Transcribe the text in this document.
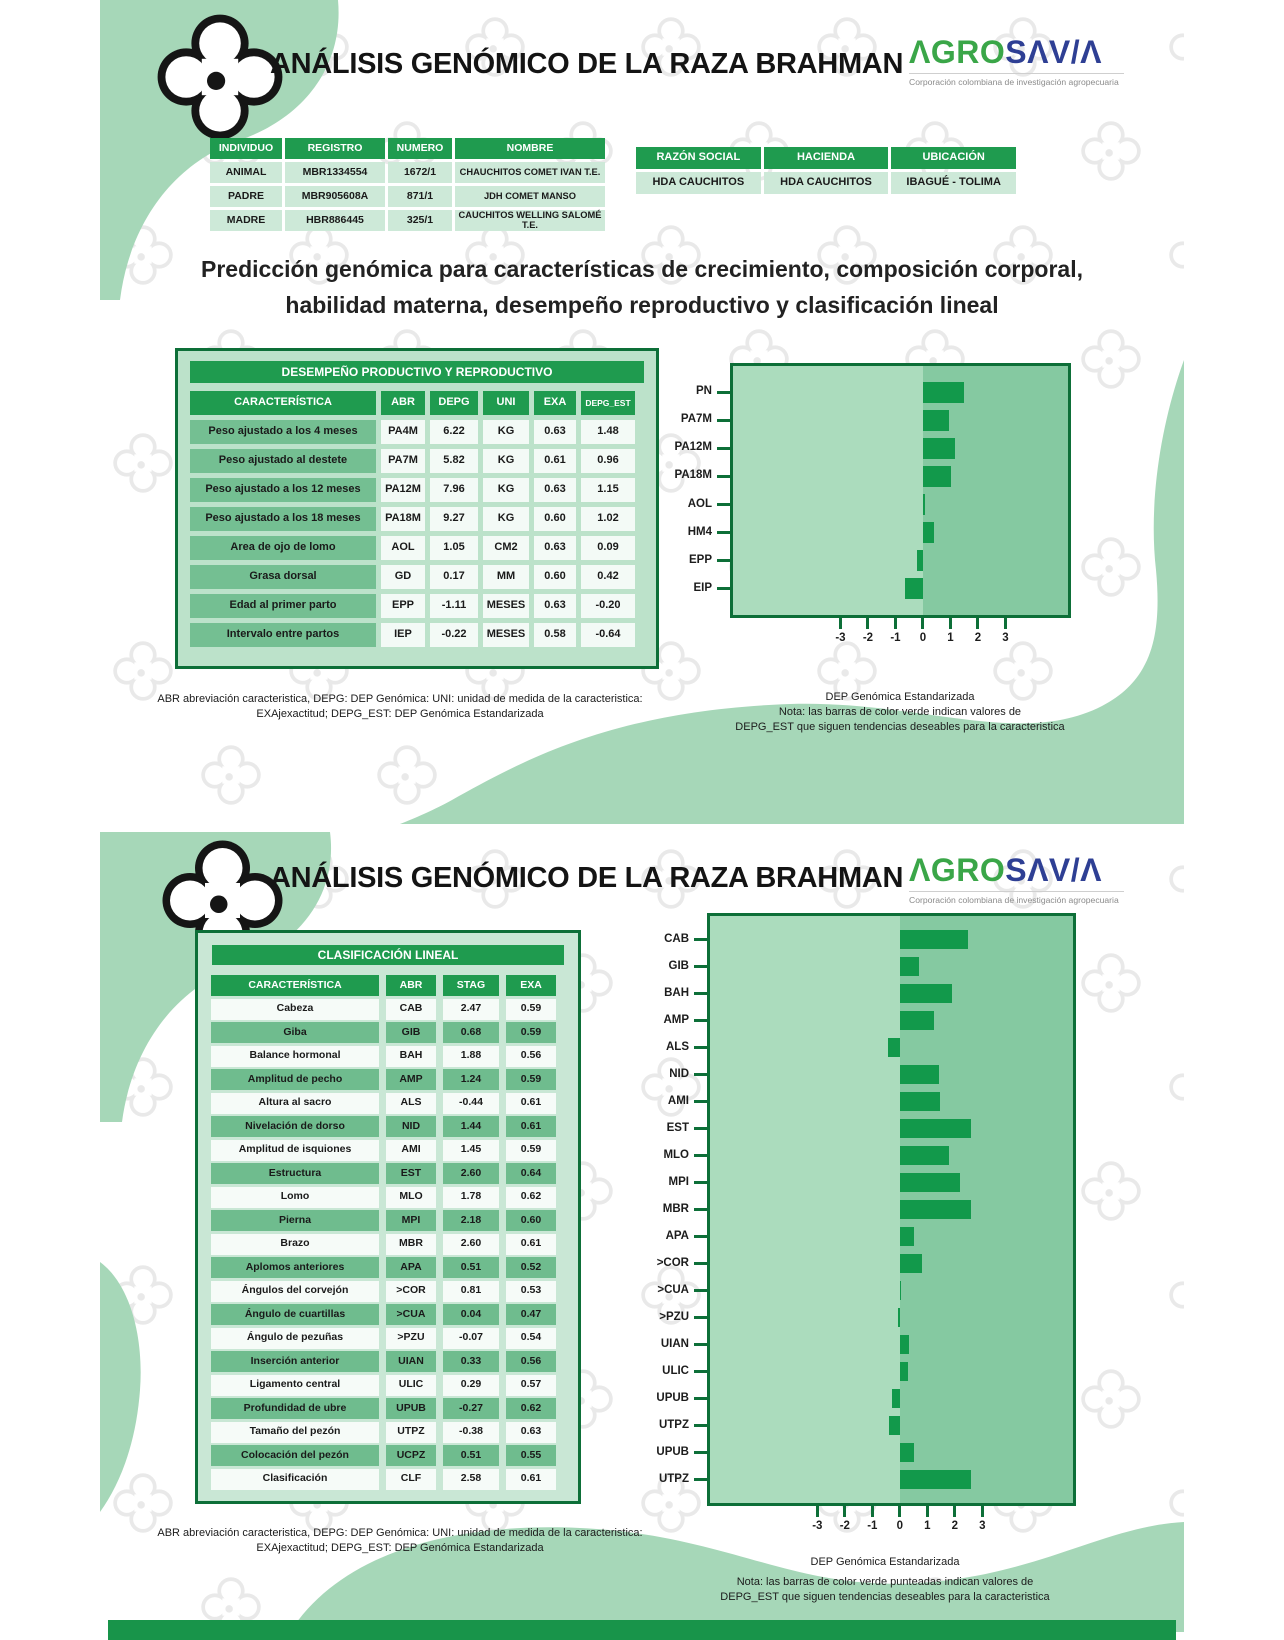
ANÁLISIS GENÓMICO DE LA RAZA BRAHMAN ΛGROSΛV/Λ
Corporación colombiana de investigación agropecuaria
INDIVIDUO	REGISTRO	NUMERO	NOMBRE
ANIMAL	MBR1334554	1672/1	CHAUCHITOS COMET IVAN T.E.
PADRE	MBR905608A	871/1	JDH COMET MANSO
MADRE	HBR886445	325/1	CAUCHITOS WELLING SALOMÉ T.E.
RAZÓN SOCIAL	HACIENDA	UBICACIÓN
HDA CAUCHITOS	HDA CAUCHITOS	IBAGUÉ - TOLIMA
Predicción genómica para características de crecimiento, composición corporal,
habilidad materna, desempeño reproductivo y clasificación lineal
DESEMPEÑO PRODUCTIVO Y REPRODUCTIVO
CARACTERÍSTICA	ABR	DEPG	UNI	EXA	DEPG_EST
Peso ajustado a los 4 meses	PA4M	6.22	KG	0.63	1.48
Peso ajustado al destete	PA7M	5.82	KG	0.61	0.96
Peso ajustado a los 12 meses	PA12M	7.96	KG	0.63	1.15
Peso ajustado a los 18 meses	PA18M	9.27	KG	0.60	1.02
Area de ojo de lomo	AOL	1.05	CM2	0.63	0.09
Grasa dorsal	GD	0.17	MM	0.60	0.42
Edad al primer parto	EPP	-1.11	MESES	0.63	-0.20
Intervalo entre partos	IEP	-0.22	MESES	0.58	-0.64
PN
PA7M
PA12M
PA18M
AOL
HM4
EPP
EIP
-3	-2	-1	0	1	2	3
ABR abreviación caracteristica, DEPG: DEP Genómica: UNI: unidad de medida de la caracteristica:
EXAjexactitud; DEPG_EST: DEP Genómica Estandarizada
DEP Genómica Estandarizada
Nota: las barras de color verde indican valores de
DEPG_EST que siguen tendencias deseables para la caracteristica
ANÁLISIS GENÓMICO DE LA RAZA BRAHMAN ΛGROSΛV/Λ
Corporación colombiana de investigación agropecuaria
CLASIFICACIÓN LINEAL
CARACTERÍSTICA	ABR	STAG	EXA
Cabeza	CAB	2.47	0.59
Giba	GIB	0.68	0.59
Balance hormonal	BAH	1.88	0.56
Amplitud de pecho	AMP	1.24	0.59
Altura al sacro	ALS	-0.44	0.61
Nivelación de dorso	NID	1.44	0.61
Amplitud de isquiones	AMI	1.45	0.59
Estructura	EST	2.60	0.64
Lomo	MLO	1.78	0.62
Pierna	MPI	2.18	0.60
Brazo	MBR	2.60	0.61
Aplomos anteriores	APA	0.51	0.52
Ángulos del corvejón	>COR	0.81	0.53
Ángulo de cuartillas	>CUA	0.04	0.47
Ángulo de pezuñas	>PZU	-0.07	0.54
Inserción anterior	UIAN	0.33	0.56
Ligamento central	ULIC	0.29	0.57
Profundidad de ubre	UPUB	-0.27	0.62
Tamaño del pezón	UTPZ	-0.38	0.63
Colocación del pezón	UCPZ	0.51	0.55
Clasificación	CLF	2.58	0.61
CAB
GIB
BAH
AMP
ALS
NID
AMI
EST
MLO
MPI
MBR
APA
>COR
>CUA
>PZU
UIAN
ULIC
UPUB
UTPZ
UPUB
UTPZ
-3	-2	-1	0	1	2	3
ABR abreviación caracteristica, DEPG: DEP Genómica: UNI: unidad de medida de la caracteristica:
EXAjexactitud; DEPG_EST: DEP Genómica Estandarizada
DEP Genómica Estandarizada
Nota: las barras de color verde punteadas indican valores de
DEPG_EST que siguen tendencias deseables para la caracteristica
